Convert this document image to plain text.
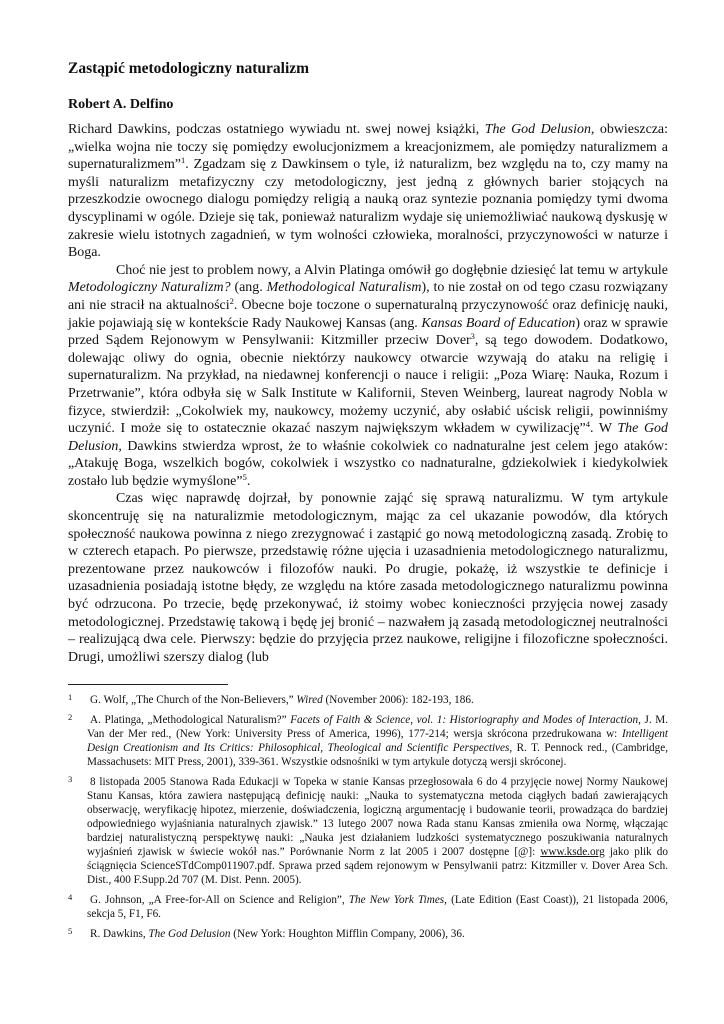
Zastąpić metodologiczny naturalizm
Robert A. Delfino

Richard Dawkins, podczas ostatniego wywiadu nt. swej nowej książki, The God Delusion, obwieszcza: „wielka wojna nie toczy się pomiędzy ewolucjonizmem a kreacjonizmem, ale pomiędzy naturalizmem a supernaturalizmem”$^1$. Zgadzam się z Dawkinsem o tyle, iż naturalizm, bez względu na to, czy mamy na myśli naturalizm metafizyczny czy metodologiczny, jest jedną z głównych barier stojących na przeszkodzie owocnego dialogu pomiędzy religią a nauką oraz syntezie poznania pomiędzy tymi dwoma dyscyplinami w ogóle. Dzieje się tak, ponieważ naturalizm wydaje się uniemożliwiać naukową dyskusję w zakresie wielu istotnych zagadnień, w tym wolności człowieka, moralności, przyczynowości w naturze i Boga.

Choć nie jest to problem nowy, a Alvin Platinga omówił go dogłębnie dziesięć lat temu w artykule Metodologiczny Naturalizm? (ang. Methodological Naturalism), to nie został on od tego czasu rozwiązany ani nie stracił na aktualności$^2$. Obecne boje toczone o supernaturalną przyczynowość oraz definicję nauki, jakie pojawiają się w kontekście Rady Naukowej Kansas (ang. Kansas Board of Education) oraz w sprawie przed Sądem Rejonowym w Pensylwanii: Kitzmiller przeciw Dover$^3$, są tego dowodem. Dodatkowo, dolewając oliwy do ognia, obecnie niektórzy naukowcy otwarcie wzywają do ataku na religię i supernaturalizm. Na przykład, na niedawnej konferencji o nauce i religii: „Poza Wiarę: Nauka, Rozum i Przetrwanie”, która odbyła się w Salk Institute w Kalifornii, Steven Weinberg, laureat nagrody Nobla w fizyce, stwierdził: „Cokolwiek my, naukowcy, możemy uczynić, aby osłabić uścisk religii, powinniśmy uczynić. I może się to ostatecznie okazać naszym największym wkładem w cywilizację”$^4$. W The God Delusion, Dawkins stwierdza wprost, że to właśnie cokolwiek co nadnaturalne jest celem jego ataków: „Atakuję Boga, wszelkich bogów, cokolwiek i wszystko co nadnaturalne, gdziekolwiek i kiedykolwiek zostało lub będzie wymyślone”$^5$.

Czas więc naprawdę dojrzał, by ponownie zająć się sprawą naturalizmu. W tym artykule skoncentruję się na naturalizmie metodologicznym, mając za cel ukazanie powodów, dla których społeczność naukowa powinna z niego zrezygnować i zastąpić go nową metodologiczną zasadą. Zrobię to w czterech etapach. Po pierwsze, przedstawię różne ujęcia i uzasadnienia metodologicznego naturalizmu, prezentowane przez naukowców i filozofów nauki. Po drugie, pokażę, iż wszystkie te definicje i uzasadnienia posiadają istotne błędy, ze względu na które zasada metodologicznego naturalizmu powinna być odrzucona. Po trzecie, będę przekonywać, iż stoimy wobec konieczności przyjęcia nowej zasady metodologicznej. Przedstawię takową i będę jej bronić – nazwałem ją zasadą metodologicznej neutralności – realizującą dwa cele. Pierwszy: będzie do przyjęcia przez naukowe, religijne i filozoficzne społeczności. Drugi, umożliwi szerszy dialog (lub

1 G. Wolf, „The Church of the Non-Believers,” Wired (November 2006): 182-193, 186.
2 A. Platinga, „Methodological Naturalism?” Facets of Faith & Science, vol. 1: Historiography and Modes of Interaction, J. M. Van der Mer red., (New York: University Press of America, 1996), 177-214; wersja skrócona przedrukowana w: Intelligent Design Creationism and Its Critics: Philosophical, Theological and Scientific Perspectives, R. T. Pennock red., (Cambridge, Massachusets: MIT Press, 2001), 339-361. Wszystkie odsnośniki w tym artykule dotyczą wersji skróconej.
3 8 listopada 2005 Stanowa Rada Edukacji w Topeka w stanie Kansas przegłosowała 6 do 4 przyjęcie nowej Normy Naukowej Stanu Kansas, która zawiera następującą definicję nauki: „Nauka to systematyczna metoda ciągłych badań zawierających obserwację, weryfikację hipotez, mierzenie, doświadczenia, logiczną argumentację i budowanie teorii, prowadząca do bardziej odpowiedniego wyjaśniania naturalnych zjawisk.” 13 lutego 2007 nowa Rada stanu Kansas zmieniła owa Normę, włączając bardziej naturalistyczną perspektywę nauki: „Nauka jest działaniem ludzkości systematycznego poszukiwania naturalnych wyjaśnień zjawisk w świecie wokół nas.” Porównanie Norm z lat 2005 i 2007 dostępne [@]: www.ksde.org jako plik do ściągnięcia ScienceSTdComp011907.pdf. Sprawa przed sądem rejonowym w Pensylwanii patrz: Kitzmiller v. Dover Area Sch. Dist., 400 F.Supp.2d 707 (M. Dist. Penn. 2005).
4 G. Johnson, „A Free-for-All on Science and Religion”, The New York Times, (Late Edition (East Coast)), 21 listopada 2006, sekcja 5, F1, F6.
5 R. Dawkins, The God Delusion (New York: Houghton Mifflin Company, 2006), 36.
